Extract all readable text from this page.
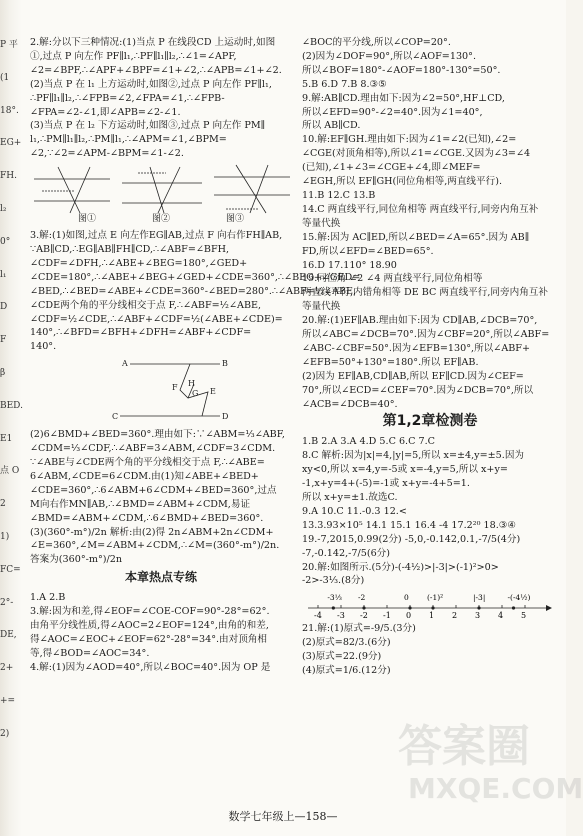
P 平
(1
18°.
EG+
FH.
l₂
0°
l₁
D
F
β
BED.
E1
点 O
2
1)
FC=
2°-
DE,
2+
+=
2)

2.解:分以下三种情况:(1)当点 P 在线段CD 上运动时,如图

①,过点 P 向左作 PF∥l₁,∴PF∥l₁∥l₂,∴∠1=∠APF,

∠2=∠BPF,∴∠APF+∠BPF=∠1+∠2,∴∠APB=∠1+∠2.

(2)当点 P 在 l₁ 上方运动时,如图②,过点 P 向左作 PF∥l₁,

∴PF∥l₁∥l₂,∴∠FPB=∠2,∠FPA=∠1,∴∠FPB-

∠FPA=∠2-∠1,即∠APB=∠2-∠1.

(3)当点 P 在 l₂ 下方运动时,如图③,过点 P 向左作 PM∥

l₁,∴PM∥l₁∥l₂,∴PM∥l₁,∴∠APM=∠1,∠BPM=

∠2,∵∠2=∠APM-∠BPM=∠1-∠2.

图①	图②	图③

3.解:(1)如图,过点 E 向左作EG∥AB,过点 F 向右作FH∥AB,

∵AB∥CD,∴EG∥AB∥FH∥CD,∴∠ABF=∠BFH,

∠CDF=∠DFH,∴∠ABE+∠BEG=180°,∠GED+

∠CDE=180°,∴∠ABE+∠BEG+∠GED+∠CDE=360°,∴∠BEG+∠GED=

∠BED,∴∠BED=∠ABE+∠CDE=360°-∠BED=280°.∴∠ABF=½∠ABE,

∠CDE两个角的平分线相交于点 F,∴∠ABF=½∠ABE,

∠CDF=½∠CDE,∴∠ABF+∠CDF=½(∠ABE+∠CDE)=

140°,∴∠BFD=∠BFH+∠DFH=∠ABF+∠CDF=

140°.

A	B
F H
G E
C	D

(2)6∠BMD+∠BED=360°.理由如下:∵∠ABM=⅓∠ABF,

∠CDM=⅓∠CDF,∴∠ABF=3∠ABM,∠CDF=3∠CDM.

∵∠ABE与∠CDE两个角的平分线相交于点 F,∴∠ABE=

6∠ABM,∠CDE=6∠CDM.由(1)知∠ABE+∠BED+

∠CDE=360°,∴6∠ABM+6∠CDM+∠BED=360°,过点

M向右作MN∥AB,∴∠BMD=∠ABM+∠CDM,易证

∠BMD=∠ABM+∠CDM,∴6∠BMD+∠BED=360°.

(3)(360°-m°)/2n 解析:由(2)得 2n∠ABM+2n∠CDM+

∠E=360°,∠M=∠ABM+∠CDM,∴∠M=(360°-m°)/2n.

答案为(360°-m°)/2n

本章热点专练

1.A 2.B

3.解:因为和差,得∠EOF=∠COE-COF=90°-28°=62°.

由角平分线性质,得∠AOC=2∠EOF=124°,由角的和差,

得∠AOC=∠EOC+∠EOF=62°-28°=34°.由对顶角相

等,得∠BOD=∠AOC=34°.

4.解:(1)因为∠AOD=40°,所以∠BOC=40°.因为 OP 是

∠BOC的平分线,所以∠COP=20°.

(2)因为∠DOF=90°,所以∠AOF=130°.

所以∠BOF=180°-∠AOF=180°-130°=50°.

5.B 6.D 7.B 8.③⑤

9.解:AB∥CD.理由如下:因为∠2=50°,HF⊥CD,

所以∠EFD=90°-∠2=40°.因为∠1=40°,

所以 AB∥CD.

10.解:EF∥GH.理由如下:因为∠1=∠2(已知),∠2=

∠CGE(对顶角相等),所以∠1=∠CGE.又因为∠3=∠4

(已知),∠1+∠3=∠CGE+∠4,即∠MEF=

∠EGH,所以 EF∥GH(同位角相等,两直线平行).

11.B 12.C 13.B

14.C 两直线平行,同位角相等 两直线平行,同旁内角互补

等量代换

15.解:因为 AC∥ED,所以∠BED=∠A=65°.因为 AB∥

FD,所以∠EFD=∠BED=65°.

16.D 17.110° 18.90

19.同位角 ∠2 ∠4 两直线平行,同位角相等

两直线平行,内错角相等 DE BC 两直线平行,同旁内角互补

等量代换

20.解:(1)EF∥AB.理由如下:因为 CD∥AB,∠DCB=70°,

所以∠ABC=∠DCB=70°.因为∠CBF=20°,所以∠ABF=

∠ABC-∠CBF=50°.因为∠EFB=130°,所以∠ABF+

∠EFB=50°+130°=180°.所以 EF∥AB.

(2)因为 EF∥AB,CD∥AB,所以 EF∥CD.因为∠CEF=

70°,所以∠ECD=∠CEF=70°.因为∠DCB=70°,所以

∠ACB=∠DCB=40°.

第1,2章检测卷

1.B 2.A 3.A 4.D 5.C 6.C 7.C

8.C 解析:因为|x|=4,|y|=5,所以 x=±4,y=±5.因为

xy<0,所以 x=4,y=-5或 x=-4,y=5,所以 x+y=

-1,x+y=4+(-5)=-1或 x+y=-4+5=1.

所以 x+y=±1.故选C.

9.A 10.C 11.-0.3 12.<

13.3.93×10⁵ 14.1 15.1 16.4 -4 17.2²⁰ 18.③④

19.-7,2015,0.99(2分) -5,0,-0.142,0.1,-7/5(4分)

-7,-0.142,-7/5(6分)

20.解:如图所示.(5分)-(-4½)>|-3|>(-1)²>0>

-2>-3⅓.(8分)

-4 -3 -2 -1 0 1 2 3 4 5
-3⅓ -2	0 (-1)²	|-3|	-(-4½)

21.解:(1)原式=-9/5.(3分)

(2)原式=82/3.(6分)

(3)原式=22.(9分)

(4)原式=1/6.(12分)

数学七年级上—158—
答案圈
MXQE.COM
